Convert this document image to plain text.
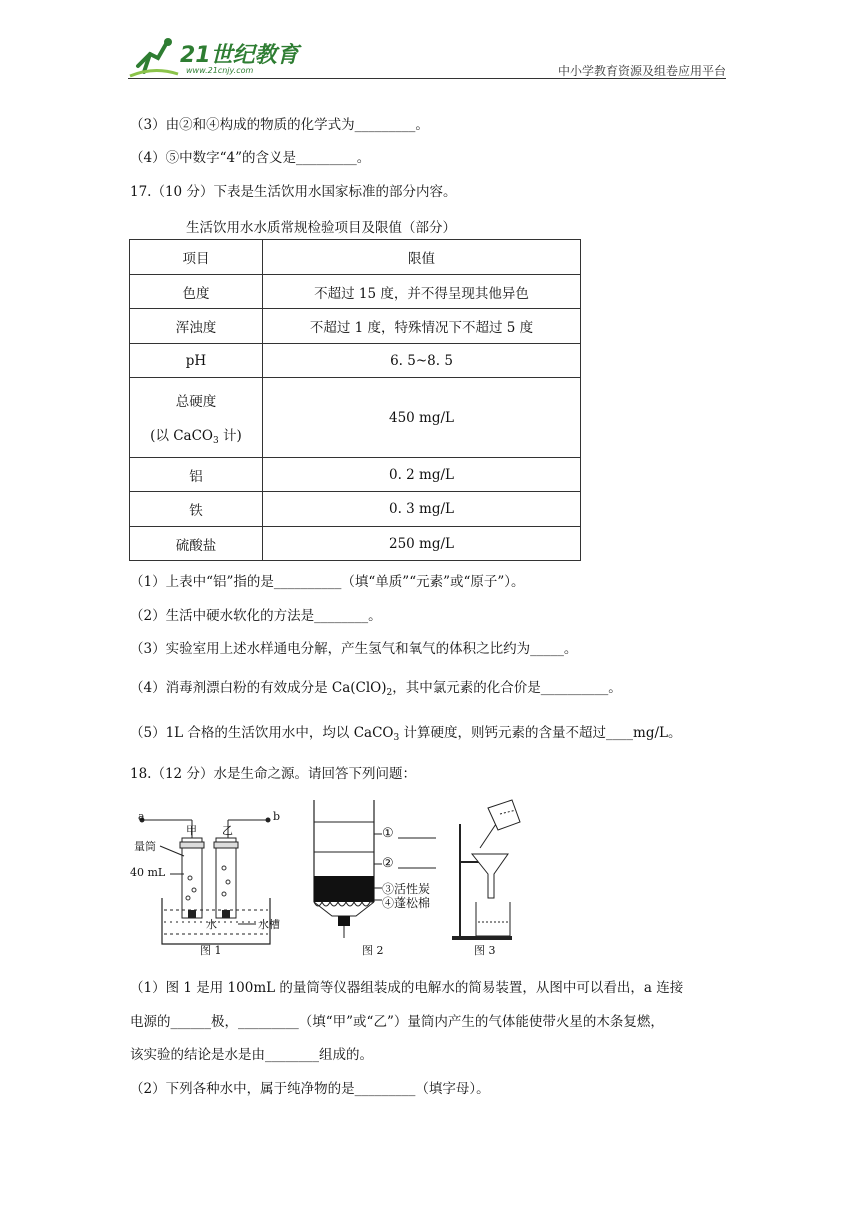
21世纪教育
www.21cnjy.com	中小学教育资源及组卷应用平台
（3）由②和④构成的物质的化学式为_________。
（4）⑤中数字“4”的含义是_________。
17.（10 分）下表是生活饮用水国家标准的部分内容。
生活饮用水水质常规检验项目及限值（部分）
项目	限值
色度	不超过 15 度，并不得呈现其他异色
浑浊度	不超过 1 度，特殊情况下不超过 5 度
pH	6. 5~8. 5

总硬度
(以 CaCO$_3$ 计)	450 mg/L
铝	0. 2 mg/L
铁	0. 3 mg/L
硫酸盐	250 mg/L
（1）上表中“铝”指的是__________（填“单质”“元素”或“原子”）。
（2）生活中硬水软化的方法是________。
（3）实验室用上述水样通电分解，产生氢气和氧气的体积之比约为_____。
（4）消毒剂漂白粉的有效成分是 $Ca(ClO)_2$，其中氯元素的化合价是__________。
（5）1L 合格的生活饮用水中，均以 CaCO$_3$ 计算硬度，则钙元素的含量不超过____mg/L。
18.（12 分）水是生命之源。请回答下列问题：
a	b
甲 乙
量筒
40 mL
水	水槽
图 1
①
②
③活性炭
④蓬松棉
图 2	图 3
（1）图 1 是用 100mL 的量筒等仪器组装成的电解水的简易装置，从图中可以看出，a 连接
电源的______极，_________（填“甲”或“乙”）量筒内产生的气体能使带火星的木条复燃，
该实验的结论是水是由________组成的。
（2）下列各种水中，属于纯净物的是_________（填字母）。
